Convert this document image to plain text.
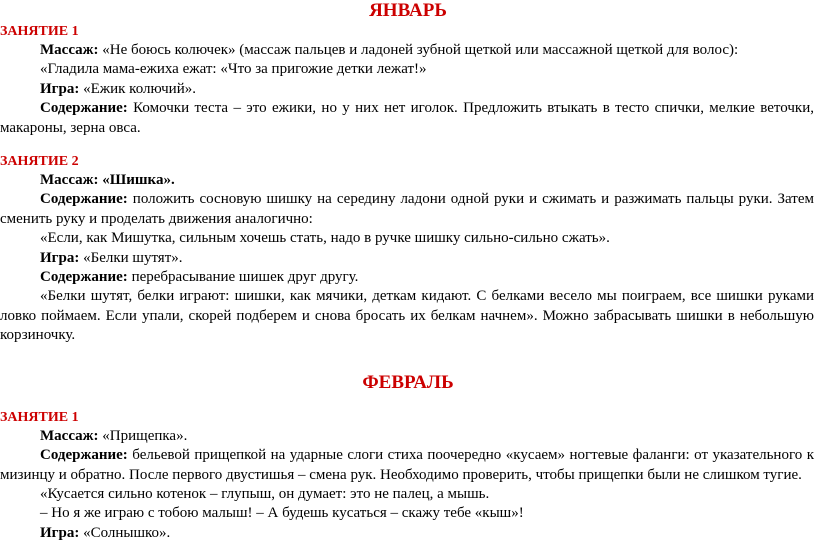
ЯНВАРЬ

ЗАНЯТИЕ 1

Массаж: «Не боюсь колючек» (массаж пальцев и ладоней зубной щеткой или массажной щеткой для волос):

«Гладила мама-ежиха ежат: «Что за пригожие детки лежат!»

Игра: «Ежик колючий».

Содержание: Комочки теста – это ежики, но у них нет иголок. Предложить втыкать в тесто спички, мелкие веточки, макароны, зерна овса.

ЗАНЯТИЕ 2

Массаж: «Шишка».

Содержание: положить сосновую шишку на середину ладони одной руки и сжимать и разжимать пальцы руки. Затем сменить руку и проделать движения аналогично:

«Если, как Мишутка, сильным хочешь стать, надо в ручке шишку сильно-сильно сжать».

Игра: «Белки шутят».

Содержание: перебрасывание шишек друг другу.

«Белки шутят, белки играют: шишки, как мячики, деткам кидают. С белками весело мы поиграем, все шишки руками ловко поймаем. Если упали, скорей подберем и снова бросать их белкам начнем». Можно забрасывать шишки в небольшую корзиночку.

ФЕВРАЛЬ

ЗАНЯТИЕ 1

Массаж: «Прищепка».

Содержание: бельевой прищепкой на ударные слоги стиха поочередно «кусаем» ногтевые фаланги: от указательного к мизинцу и обратно. После первого двустишья – смена рук. Необходимо проверить, чтобы прищепки были не слишком тугие.

«Кусается сильно котенок – глупыш, он думает: это не палец, а мышь.

– Но я же играю с тобою малыш! – А будешь кусаться – скажу тебе «кыш»!

Игра: «Солнышко».
